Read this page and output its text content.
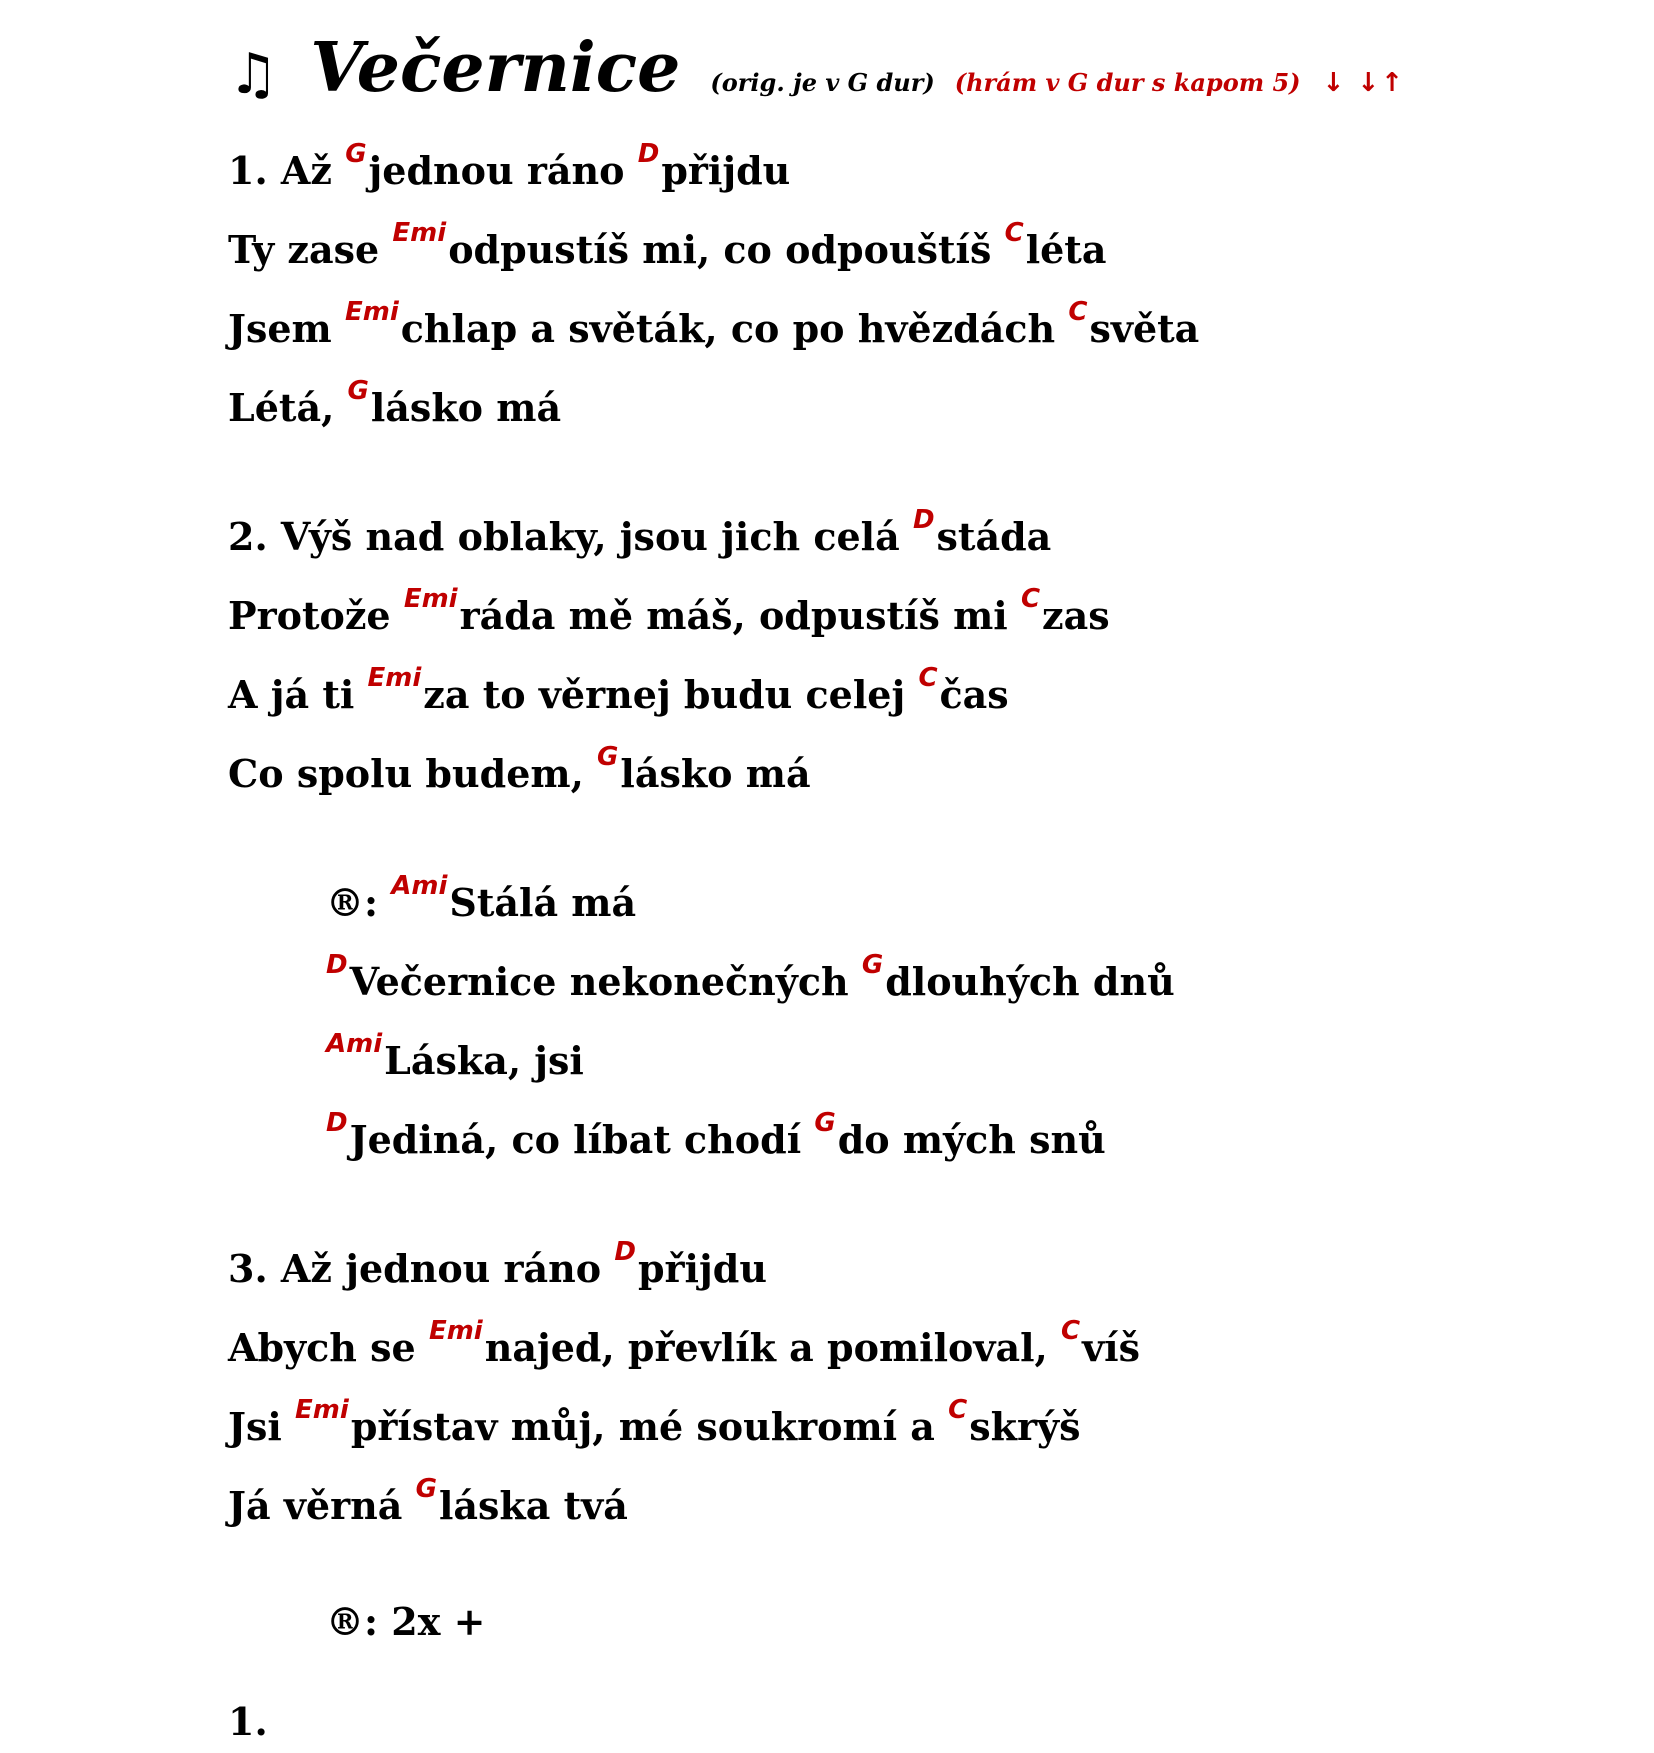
♫ Večernice (orig. je v G dur) (hrám v G dur s kapom 5) ↓ ↓↑
1. Až $^G$jednou ráno $^D$přijdu
Ty zase $^{Emi}$odpustíš mi, co odpouštíš $^C$léta
Jsem $^{Emi}$chlap a světák, co po hvězdách $^C$světa
Létá, $^G$lásko má
2. Výš nad oblaky, jsou jich celá $^D$stáda
Protože $^{Emi}$ráda mě máš, odpustíš mi $^C$zas
A já ti $^{Emi}$za to věrnej budu celej $^C$čas
Co spolu budem, $^G$lásko má
®: $^{Ami}$Stálá má
$^D$Večernice nekonečných $^G$dlouhých dnů
$^{Ami}$Láska, jsi
$^D$Jediná, co líbat chodí $^G$do mých snů
3. Až jednou ráno $^D$přijdu
Abych se $^{Emi}$najed, převlík a pomiloval, $^C$víš
Jsi $^{Emi}$přístav můj, mé soukromí a $^C$skrýš
Já věrná $^G$láska tvá
®: 2x +
1.
